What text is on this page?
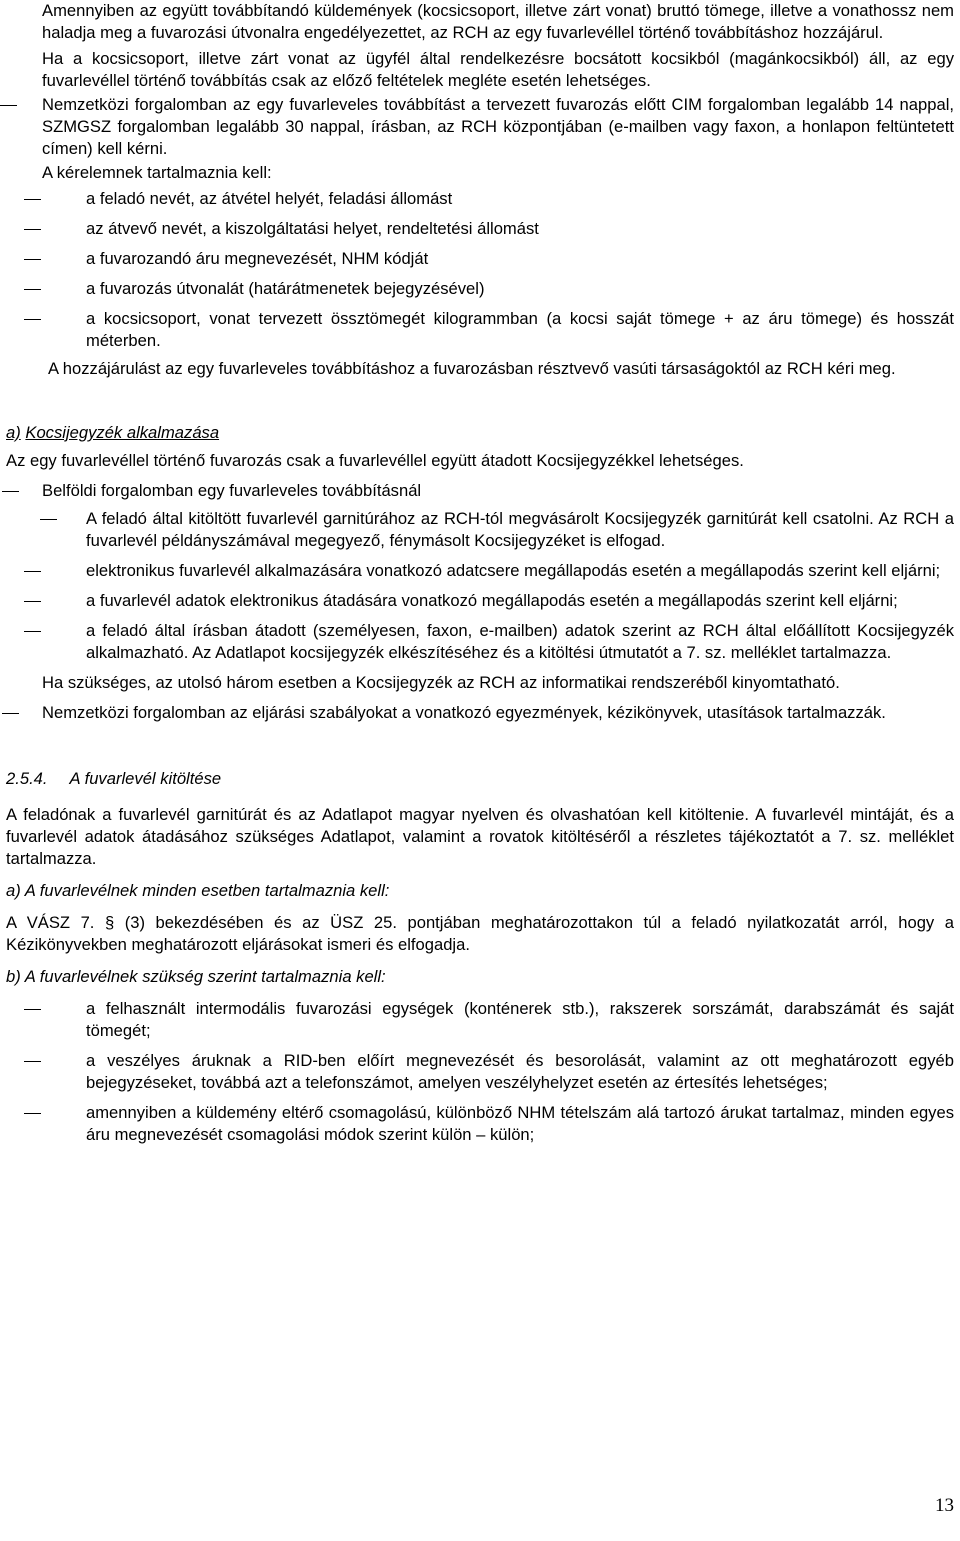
Amennyiben az együtt továbbítandó küldemények (kocsicsoport, illetve zárt vonat) bruttó tömege, illetve a vonathossz nem haladja meg a fuvarozási útvonalra engedélyezettet, az RCH az egy fuvarlevéllel történő továbbításhoz hozzájárul.

Ha a kocsicsoport, illetve zárt vonat az ügyfél által rendelkezésre bocsátott kocsikból (magánkocsikból) áll, az egy fuvarlevéllel történő továbbítás csak az előző feltételek megléte esetén lehetséges.

Nemzetközi forgalomban az egy fuvarleveles továbbítást a tervezett fuvarozás előtt CIM forgalomban legalább 14 nappal, SZMGSZ forgalomban legalább 30 nappal, írásban, az RCH központjában (e-mailben vagy faxon, a honlapon feltüntetett címen) kell kérni.

A kérelemnek tartalmaznia kell:

a feladó nevét, az átvétel helyét, feladási állomást
az átvevő nevét, a kiszolgáltatási helyet, rendeltetési állomást
a fuvarozandó áru megnevezését, NHM kódját
a fuvarozás útvonalát (határátmenetek bejegyzésével)
a kocsicsoport, vonat tervezett össztömegét kilogrammban (a kocsi saját tömege + az áru tömege) és hosszát méterben.

A hozzájárulást az egy fuvarleveles továbbításhoz a fuvarozásban résztvevő vasúti társaságoktól az RCH kéri meg.

a) Kocsijegyzék alkalmazása

Az egy fuvarlevéllel történő fuvarozás csak a fuvarlevéllel együtt átadott Kocsijegyzékkel lehetséges.

Belföldi forgalomban egy fuvarleveles továbbításnál
A feladó által kitöltött fuvarlevél garnitúrához az RCH-tól megvásárolt Kocsijegyzék garnitúrát kell csatolni. Az RCH a fuvarlevél példányszámával megegyező, fénymásolt Kocsijegyzéket is elfogad.
elektronikus fuvarlevél alkalmazására vonatkozó adatcsere megállapodás esetén a megállapodás szerint kell eljárni;
a fuvarlevél adatok elektronikus átadására vonatkozó megállapodás esetén a megállapodás szerint kell eljárni;
a feladó által írásban átadott (személyesen, faxon, e-mailben) adatok szerint az RCH által előállított Kocsijegyzék alkalmazható. Az Adatlapot kocsijegyzék elkészítéséhez és a kitöltési útmutatót a 7. sz. melléklet tartalmazza.

Ha szükséges, az utolsó három esetben a Kocsijegyzék az RCH az informatikai rendszeréből kinyomtatható.

Nemzetközi forgalomban az eljárási szabályokat a vonatkozó egyezmények, kézikönyvek, utasítások tartalmazzák.
2.5.4. A fuvarlevél kitöltése

A feladónak a fuvarlevél garnitúrát és az Adatlapot magyar nyelven és olvashatóan kell kitöltenie. A fuvarlevél mintáját, és a fuvarlevél adatok átadásához szükséges Adatlapot, valamint a rovatok kitöltéséről a részletes tájékoztatót a 7. sz. melléklet tartalmazza.

a) A fuvarlevélnek minden esetben tartalmaznia kell:

A VÁSZ 7. § (3) bekezdésében és az ÜSZ 25. pontjában meghatározottakon túl a feladó nyilatkozatát arról, hogy a Kézikönyvekben meghatározott eljárásokat ismeri és elfogadja.

b) A fuvarlevélnek szükség szerint tartalmaznia kell:

a felhasznált intermodális fuvarozási egységek (konténerek stb.), rakszerek sorszámát, darabszámát és saját tömegét;
a veszélyes áruknak a RID-ben előírt megnevezését és besorolását, valamint az ott meghatározott egyéb bejegyzéseket, továbbá azt a telefonszámot, amelyen veszélyhelyzet esetén az értesítés lehetséges;
amennyiben a küldemény eltérő csomagolású, különböző NHM tételszám alá tartozó árukat tartalmaz, minden egyes áru megnevezését csomagolási módok szerint külön – külön;
13
